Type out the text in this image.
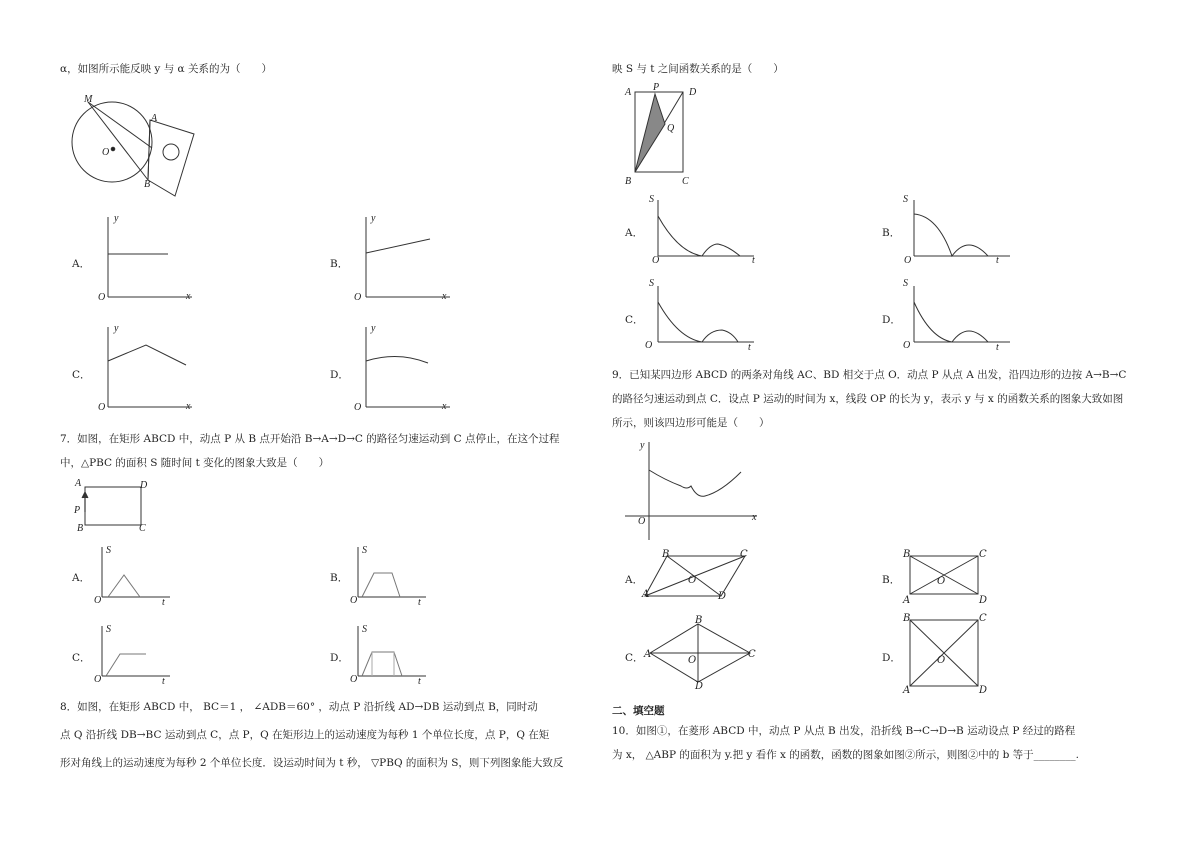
α，如图所示能反映 y 与 α 关系的为（　　）
M
A
O
B
A．
y
O	x
B．
y
O	x
C．
y
O	x
D．
y
O	x
7．如图，在矩形 ABCD 中，动点 P 从 B 点开始沿 B→A→D→C 的路径匀速运动到 C 点停止，在这个过程
中，△PBC 的面积 S 随时间 t 变化的图象大致是（　　）
A	D
P
B	C
A．
S
O	t
B．
S
O	t
C．
S
O	t
D．
S
O	t
8．如图，在矩形 ABCD 中， BC＝1 ， ∠ADB＝60° ，动点 P 沿折线 AD→DB 运动到点 B，同时动
点 Q 沿折线 DB→BC 运动到点 C，点 P，Q 在矩形边上的运动速度为每秒 1 个单位长度，点 P，Q 在矩
形对角线上的运动速度为每秒 2 个单位长度．设运动时间为 t 秒， ▽PBQ 的面积为 S，则下列图象能大致反
映 S 与 t 之间函数关系的是（　　）
A P	D
Q
B	C
A．
S
O	t
B．
S
O	t
C．
S
O	t
D．
S
O	t
9．已知某四边形 ABCD 的两条对角线 AC、BD 相交于点 O．动点 P 从点 A 出发，沿四边形的边按 A→B→C
的路径匀速运动到点 C．设点 P 运动的时间为 x，线段 OP 的长为 y，表示 y 与 x 的函数关系的图象大致如图
所示，则该四边形可能是（　　）
y
O	x
A．
B	C
O
A	D
B．
B	C
O
A	D
C．
B
A
O
C
D
D．
B	C
O
A	D
二、填空题
10．如图①，在菱形 ABCD 中，动点 P 从点 B 出发，沿折线 B→C→D→B 运动设点 P 经过的路程
为 x， △ABP 的面积为 y.把 y 看作 x 的函数，函数的图象如图②所示，则图②中的 b 等于________.
